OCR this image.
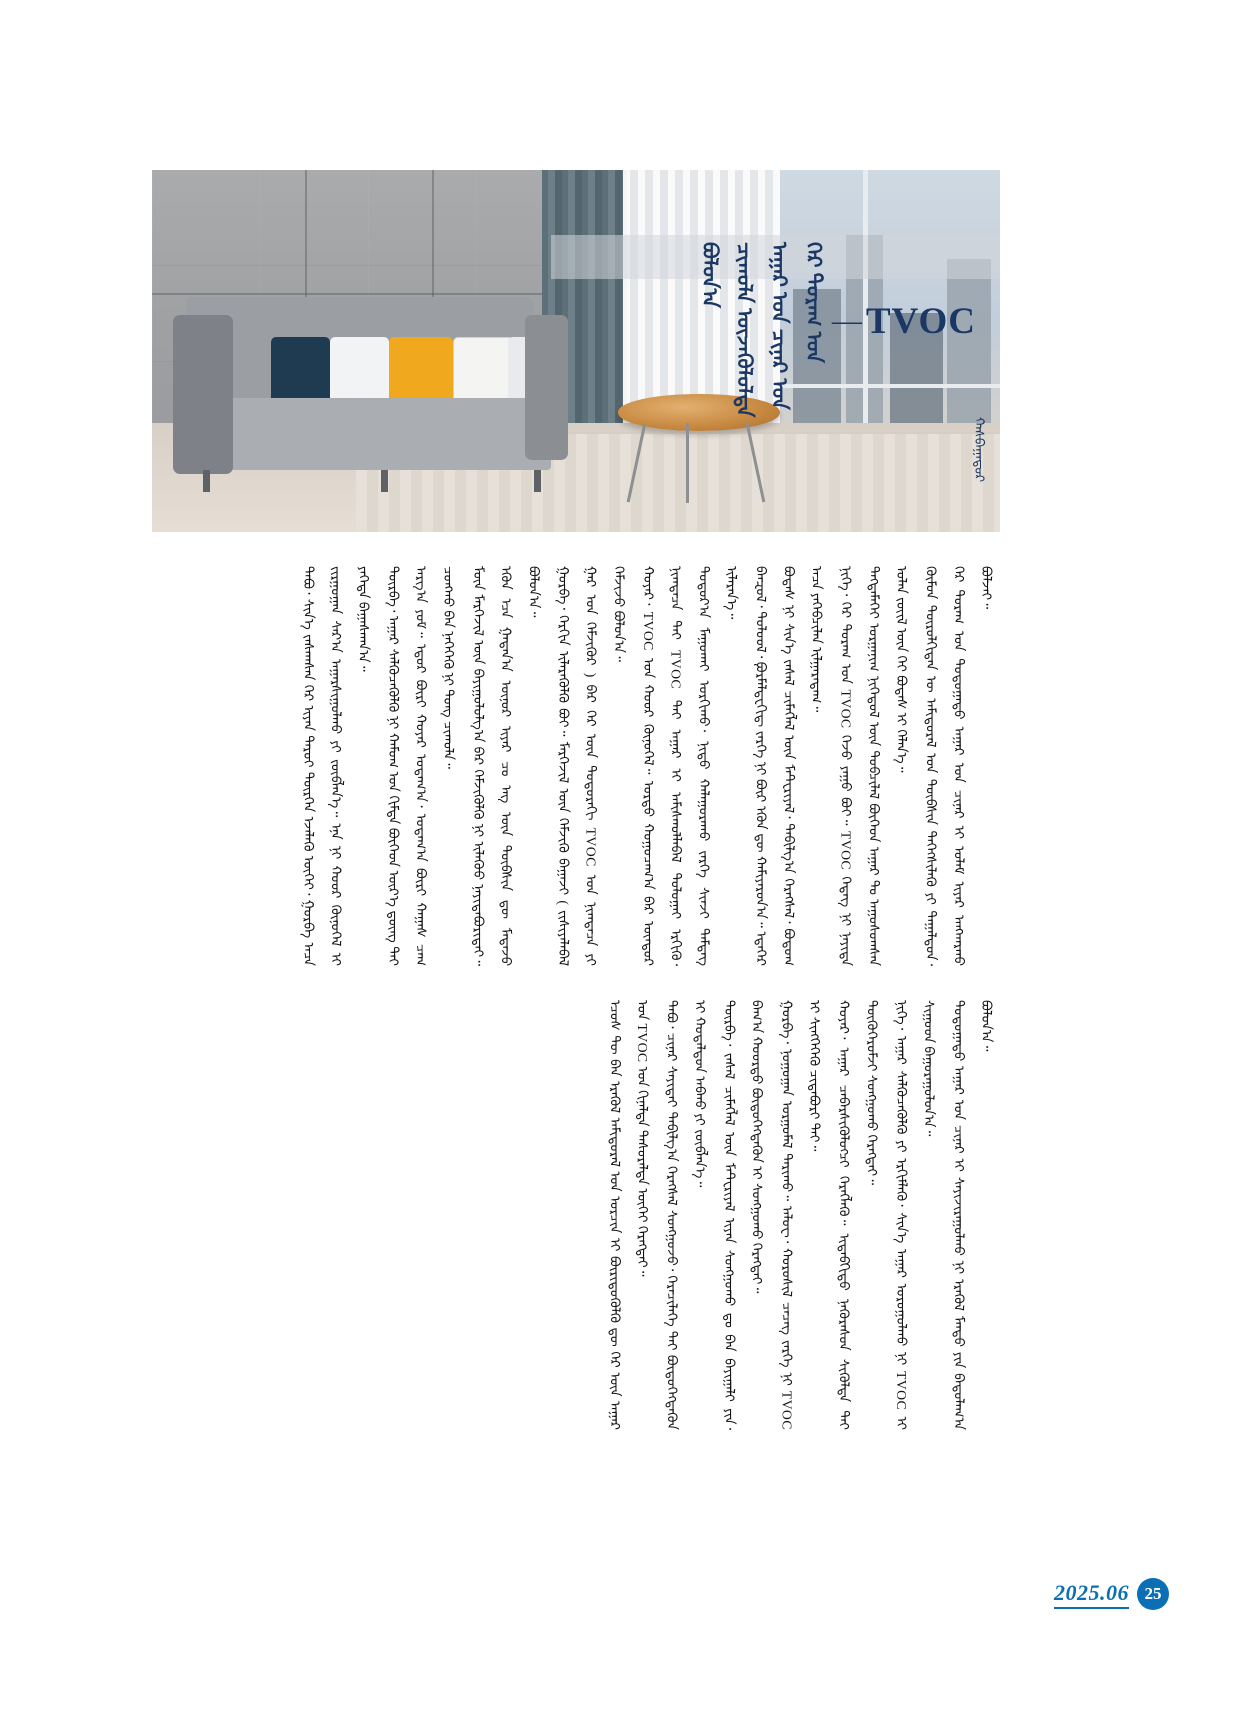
TVOC
—
ᠭᠡᠷ ᠲᠤᠷᠠᠭ ᠤᠨ
ᠠᠭᠠᠷ ᠤᠨ ᠴᠢᠨᠠᠷ ᠤᠨ
ᠴᠢᠬᠤᠯᠠ ᠦᠵᠡᠭᠦᠯᠦᠯᠲᠡ
ᠪᠣᠯᠤᠨ᠎ᠠ
ᠬᠠᠰᠪᠠᠭᠠᠲᠤᠷ
ᠬᠦᠮᠦᠨ ᠲᠦᠷᠦᠯᠬᠢᠲᠡᠨ ᠦ ᠠᠮᠢᠳᠤᠷᠠᠯ ᠤᠨ ᠲᠦᠪᠰᠢᠨ ᠳᠡᠭᠡᠭᠰᠢᠯᠡᠬᠦ ᠶᠢ ᠳᠠᠭᠠᠯᠳᠤᠨ᠂ ᠭᠡᠷ ᠲᠤᠷᠠᠭ ᠤᠨ ᠳᠣᠲᠣᠭᠠᠳᠤ ᠠᠭᠠᠷ ᠤᠨ ᠴᠢᠨᠠᠷ ᠢ ᠤᠯᠠᠮ ᠢᠶᠠᠷ ᠠᠩᠬᠠᠷᠬᠤ ᠪᠣᠯᠵᠠᠢ᠃
ᠨᠢᠭᠡ᠂ ᠭᠡᠷ ᠲᠤᠷᠠᠭ ᠤᠨ TVOC ᠭᠡᠵᠦ ᠶᠠᠭᠤ ᠪᠤᠢ᠃ TVOC ᠭᠡᠳᠡᠭ ᠨᠢ ᠨᠡᠶᠢᠲᠡ ᠳᠡᠭᠳᠡᠮᠡᠬᠡᠢ ᠣᠷᠭᠠᠨᠢᠭ ᠨᠢᠭᠡᠳᠦᠯ ᠦᠨ ᠲᠣᠪᠴᠢᠯᠠᠯ ᠪᠥᠭᠡᠳ ᠠᠭᠠᠷ ᠲᠤ ᠠᠭᠤᠰᠤᠭᠰᠠᠨ ᠣᠯᠠᠨ ᠵᠦᠢᠯ ᠦᠨ ᠬᠡᠢ ᠪᠣᠳᠠᠰ ᠢ ᠬᠡᠯᠡᠨ᠎ᠡ᠃
ᠪᠡᠨᠽᠣᠯ᠂ ᠲᠣᠯᠤᠣᠯ᠂ ᠹᠣᠷᠮᠠᠯᠳᠧᠭᠢᠳ᠋ ᠵᠡᠷᠭᠡ ᠨᠢ ᠪᠦᠷ ᠡᠭᠦᠨ ᠳᠦ ᠬᠠᠮᠢᠶᠠᠷᠤᠨ᠎ᠠ᠃ ᠡᠳᠡᠭᠡᠷ ᠪᠣᠳᠠᠰ ᠨᠢ ᠰᠢᠨ᠎ᠡ ᠵᠠᠰᠠᠯ ᠴᠢᠮᠡᠭᠯᠡᠯ ᠦᠨ ᠮᠠᠲ᠋ᠧᠷᠢᠶᠠᠯ᠂ ᠲᠠᠪᠢᠯᠭ᠎ᠠ ᠬᠡᠷᠡᠭᠰᠡᠯ᠂ ᠪᠤᠳᠤᠭ ᠠᠴᠠ ᠶᠡᠬᠡᠪᠴᠢᠯᠡᠨ ᠢᠯᠭᠠᠷᠠᠳᠠᠭ᠃
ᠬᠣᠶᠠᠷ᠂ TVOC ᠤᠨ ᠬᠣᠣᠷ ᠬᠥᠨᠥᠭᠡᠯ᠃ ᠤᠷᠲᠤ ᠬᠤᠭᠤᠴᠠᠭ᠎ᠠ ᠪᠠᠷ ᠥᠨᠳᠥᠷ ᠨᠢᠭᠲᠠᠴᠠ ᠲᠠᠢ TVOC ᠲᠠᠢ ᠠᠭᠠᠷ ᠢ ᠠᠮᠢᠰᠬᠤᠯᠯᠠᠪᠠᠯ ᠲᠣᠯᠣᠭᠠᠢ ᠡᠷᠭᠢᠬᠦ᠂ ᠳᠣᠲᠣᠷ᠎ᠠ ᠮᠠᠭᠤᠬᠠᠢ ᠣᠷᠭᠢᠬᠤ᠂ ᠨᠢᠳᠦ ᠬᠠᠯᠠᠭᠤᠷᠠᠬᠤ ᠵᠡᠷᠭᠡ ᠰᠢᠨᠵᠢ ᠲᠡᠮᠳᠡᠭ ᠢᠯᠡᠷᠡᠨ᠎ᠡ᠃
ᠭᠤᠷᠪᠠ᠂ ᠬᠡᠷᠬᠢᠨ ᠢᠯᠡᠷᠡᠭᠦᠯᠬᠦ ᠪᠤᠢ᠃ ᠮᠡᠷᠭᠡᠵᠢᠯ ᠦᠨ ᠬᠡᠮᠵᠢᠬᠦ ᠪᠠᠭᠠᠵᠢ ( ᠵᠢᠱᠢᠶᠡᠯᠡᠪᠡᠯ ᠭᠠᠷ ᠤᠨ ᠬᠡᠮᠵᠢᠭᠦᠷ ) ᠪᠠᠷ ᠭᠡᠷ ᠦᠨ ᠳᠣᠲᠣᠷᠠᠬᠢ TVOC ᠤᠨ ᠨᠢᠭᠲᠠᠴᠠ ᠶᠢ ᠬᠡᠮᠵᠢᠵᠦ ᠪᠣᠯᠤᠨ᠎ᠠ᠃
ᠮᠥᠨ ᠮᠡᠷᠭᠡᠵᠢᠯ ᠦᠨ ᠪᠠᠶᠢᠭᠤᠯᠤᠯᠭ᠎ᠠ ᠪᠠᠷ ᠬᠡᠮᠵᠢᠭᠦᠯᠬᠦ ᠨᠢ ᠢᠯᠡᠭᠦᠦ ᠨᠠᠶᠢᠳᠠᠪᠤᠷᠢᠲᠠᠢ᠃ ᠡᠭᠦᠨ ᠡᠴᠡ ᠭᠠᠳᠠᠨ᠎ᠠ ᠦᠨᠦᠷ ᠢᠶᠡᠷ ᠴᠤ ᠡᠩ ᠦᠨ ᠲᠦᠪᠰᠢᠨ ᠳᠦ ᠮᠡᠳᠡᠵᠦ ᠪᠣᠯᠤᠨ᠎ᠠ᠃
ᠳᠥᠷᠪᠡ᠂ ᠠᠭᠠᠷ ᠰᠡᠯᠭᠦᠴᠡᠭᠦᠯᠬᠦ ᠨᠢ ᠬᠠᠮᠤᠭ ᠤᠨ ᠬᠢᠮᠳᠠ ᠪᠥᠭᠡᠳ ᠦᠷ᠎ᠡ ᠳ᠋ᠦᠩ ᠲᠡᠢ ᠠᠷᠭ᠎ᠠ ᠶᠤᠮ᠃ ᠡᠳᠦᠷ ᠪᠦᠷᠢ ᠬᠣᠶᠠᠷ ᠤᠳᠠᠭ᠎ᠠ᠂ ᠤᠳᠠᠭ᠎ᠠ ᠪᠦᠷᠢ ᠬᠠᠭᠠᠰ ᠴᠠᠭ ᠴᠣᠩᠬᠣ ᠪᠠᠨ ᠨᠡᠭᠡᠭᠡᠬᠦ ᠨᠢ ᠲᠤᠩ ᠴᠢᠬᠤᠯᠠ᠃
ᠲᠠᠪᠤ᠂ ᠰᠢᠨ᠎ᠡ ᠵᠠᠰᠠᠭᠰᠠᠨ ᠭᠡᠷ ᠢᠶᠡᠨ ᠳᠠᠷᠤᠢ ᠲᠦᠷᠭᠡᠨ ᠡᠵᠡᠯᠡᠬᠦ ᠦᠭᠡᠢ᠂ ᠭᠤᠷᠪᠠ ᠠᠴᠠ ᠵᠢᠷᠭᠤᠭᠠᠨ ᠰᠠᠷ᠎ᠠ ᠠᠭᠠᠷᠰᠢᠭᠤᠯᠬᠤ ᠶᠢ ᠵᠥᠪᠯᠡᠨ᠎ᠡ᠃ ᠡᠨᠡ ᠨᠢ ᠬᠣᠣᠷ ᠬᠥᠨᠥᠭᠡᠯ ᠢ ᠶᠡᠬᠡᠳᠡ ᠪᠠᠭᠠᠰᠬᠠᠨ᠎ᠠ᠃
ᠳᠣᠲᠣᠭᠠᠳᠤ ᠠᠭᠠᠷ ᠤᠨ ᠴᠢᠨᠠᠷ ᠢ ᠰᠠᠶᠢᠵᠢᠷᠠᠭᠤᠯᠬᠤ ᠨᠢ ᠡᠷᠡᠭᠦᠯ ᠮᠡᠨᠳᠦ ᠶᠢᠨ ᠪᠠᠲᠤᠯᠠᠭ᠎ᠠ ᠪᠣᠯᠤᠨ᠎ᠠ᠃
ᠨᠢᠭᠡ᠂ ᠠᠭᠠᠷ ᠰᠡᠯᠭᠦᠴᠡᠭᠦᠯᠬᠦ ᠶᠢ ᠡᠷᠬᠢᠮᠯᠡᠬᠦ᠂ ᠰᠢᠨ᠎ᠡ ᠠᠭᠠᠷ ᠣᠷᠣᠭᠤᠯᠬᠤ ᠨᠢ TVOC ᠢ ᠰᠢᠭᠤᠳ ᠪᠠᠭᠤᠷᠠᠭᠤᠯᠤᠨ᠎ᠠ᠃
ᠬᠣᠶᠠᠷ᠂ ᠠᠭᠠᠷ ᠴᠡᠪᠡᠷᠰᠢᠭᠦᠯᠦᠭᠴᠢ ᠬᠡᠷᠡᠭᠯᠡᠬᠦ᠃ ᠢᠳᠡᠪᠬᠢᠲᠦ ᠨᠡᠭᠦᠷᠡᠰᠦᠨ ᠰᠢᠭᠦᠯᠲᠡ ᠲᠡᠢ ᠲᠥᠬᠥᠭᠡᠷᠦᠮᠵᠢ ᠰᠣᠩᠭᠣᠬᠤ ᠬᠡᠷᠡᠭᠲᠡᠢ᠃
ᠭᠤᠷᠪᠠ᠂ ᠨᠣᠭᠣᠭᠠᠨ ᠤᠷᠭᠤᠮᠠᠯ ᠲᠠᠷᠢᠬᠤ᠃ ᠠᠯᠣᠧ᠂ ᠬᠣᠷᠣᠰᠢᠯ ᠴᠡᠴᠡᠭ ᠵᠡᠷᠭᠡ ᠨᠢ TVOC ᠢ ᠰᠢᠩᠭᠡᠭᠡᠬᠦ ᠴᠢᠳᠠᠪᠤᠷᠢ ᠲᠠᠢ᠃
ᠳᠥᠷᠪᠡ᠂ ᠵᠠᠰᠠᠯ ᠴᠢᠮᠡᠭᠯᠡᠯ ᠦᠨ ᠮᠠᠲ᠋ᠧᠷᠢᠶᠠᠯ ᠢᠶᠠᠨ ᠰᠣᠩᠭᠣᠬᠤ ᠳᠤ ᠪᠠᠨ ᠪᠠᠶᠢᠭᠠᠯᠢ ᠶᠢᠨ᠂ ᠪᠠᠭ᠎ᠠ ᠬᠣᠣᠷᠲᠤ ᠪᠦᠲᠦᠭᠡᠭᠳᠡᠬᠦᠨ ᠢ ᠰᠣᠩᠭᠣᠬᠤ ᠬᠡᠷᠡᠭᠲᠡᠢ᠃
ᠲᠠᠪᠤ᠂ ᠴᠢᠨᠠᠷ ᠰᠠᠶᠢᠲᠠᠢ ᠲᠠᠪᠢᠯᠭ᠎ᠠ ᠬᠡᠷᠡᠭᠰᠡᠯ ᠰᠣᠩᠭᠣᠵᠤ᠂ ᠭᠡᠷᠡᠴᠢᠯᠡᠭᠡ ᠲᠡᠢ ᠪᠦᠲᠦᠭᠡᠭᠳᠡᠬᠦᠨ ᠢ ᠬᠤᠳᠠᠯᠳᠤᠨ ᠠᠪᠬᠤ ᠶᠢ ᠵᠥᠪᠯᠡᠨ᠎ᠡ᠃
ᠡᠴᠦᠰ ᠲᠦ ᠪᠡᠨ ᠡᠷᠡᠭᠦᠯ ᠠᠮᠢᠳᠤᠷᠠᠯ ᠤᠨ ᠣᠷᠴᠢᠨ ᠢ ᠪᠦᠷᠢᠳᠦᠭᠦᠯᠬᠦ ᠳᠦ ᠭᠡᠷ ᠦᠨ ᠠᠭᠠᠷ ᠤᠨ TVOC ᠤᠨ ᠬᠢᠨᠠᠯᠲᠠ ᠲᠠᠰᠤᠷᠠᠯᠲᠠ ᠦᠭᠡᠢ ᠬᠡᠷᠡᠭᠲᠡᠢ᠃
2025.06 25
